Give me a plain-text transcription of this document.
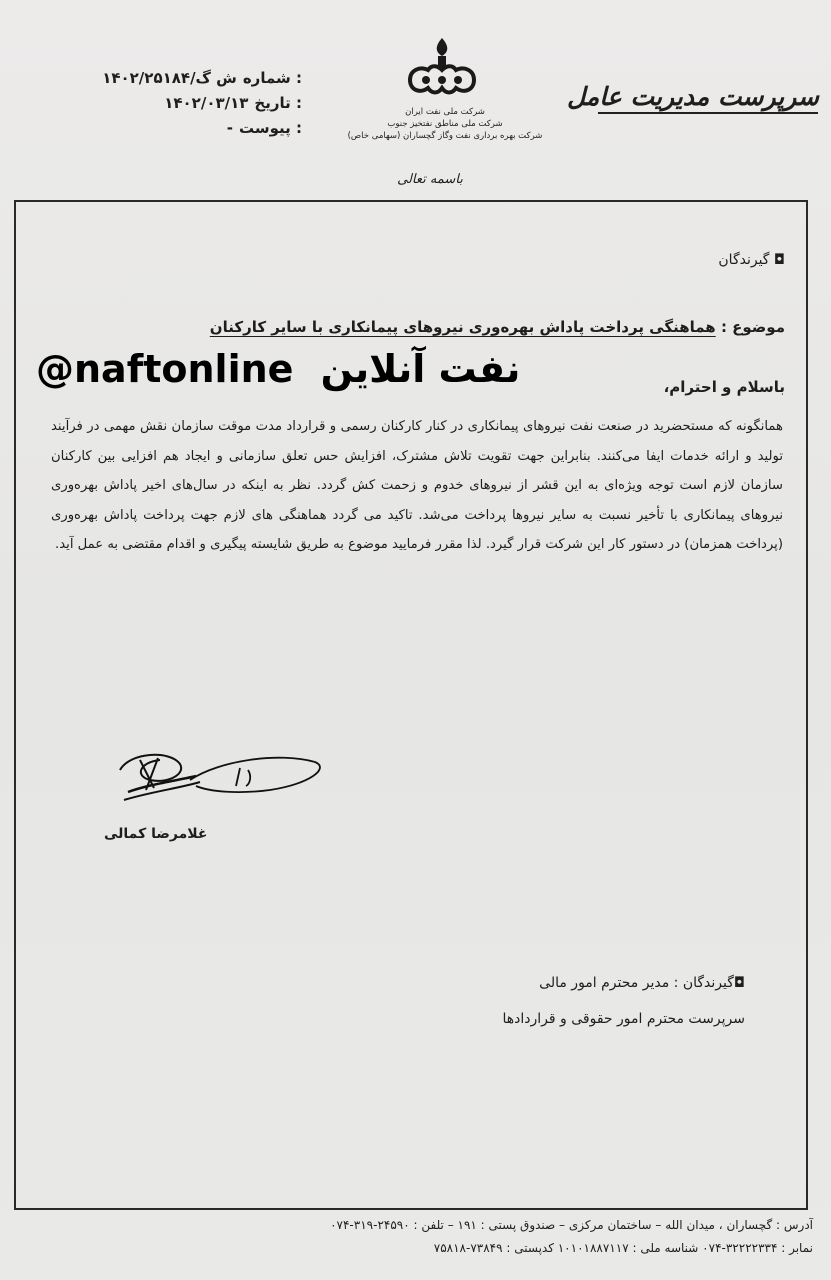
سرپرست مدیریت عامل
شرکت ملی نفت ایران
شرکت ملی مناطق نفتخیز جنوب
شرکت بهره برداری نفت وگاز گچساران (سهامی خاص)
باسمه تعالی
شماره :
۱۴۰۲/۲۵۱۸۴/ش گ
تاریخ :
۱۴۰۲/۰۳/۱۳
پیوست :
-
◘ گیرندگان
موضوع : هماهنگی پرداخت پاداش بهره‌وری نیروهای پیمانکاری با سایر کارکنان
باسلام و احترام،
@naftonline نفت آنلاین

همانگونه که مستحضرید در صنعت نفت نیروهای پیمانکاری در کنار کارکنان رسمی و قرارداد مدت موقت سازمان نقش مهمی در فرآیند تولید و ارائه خدمات ایفا می‌کنند. بنابراین جهت تقویت تلاش مشترک، افزایش حس تعلق سازمانی و ایجاد هم افزایی بین کارکنان سازمان لازم است توجه ویژه‌ای به این قشر از نیروهای خدوم و زحمت کش گردد. نظر به اینکه در سال‌های اخیر پاداش بهره‌وری نیروهای پیمانکاری با تأخیر نسبت به سایر نیروها پرداخت می‌شد. تاکید می گردد هماهنگی های لازم جهت پرداخت پاداش بهره‌وری (پرداخت همزمان) در دستور کار این شرکت قرار گیرد. لذا مقرر فرمایید موضوع به طریق شایسته پیگیری و اقدام مقتضی به عمل آید.

غلامرضا کمالی
◘گیرندگان : مدیر محترم امور مالی
سرپرست محترم امور حقوقی و قراردادها
آدرس : گچساران ، میدان الله – ساختمان مرکزی – صندوق پستی : ۱۹۱ – تلفن : ۲۴۵۹۰-۳۱۹-۰۷۴
نمابر : ۳۲۲۲۲۳۳۴-۰۷۴ شناسه ملی : ۱۰۱۰۱۸۸۷۱۱۷ کدپستی : ۷۳۸۴۹-۷۵۸۱۸
